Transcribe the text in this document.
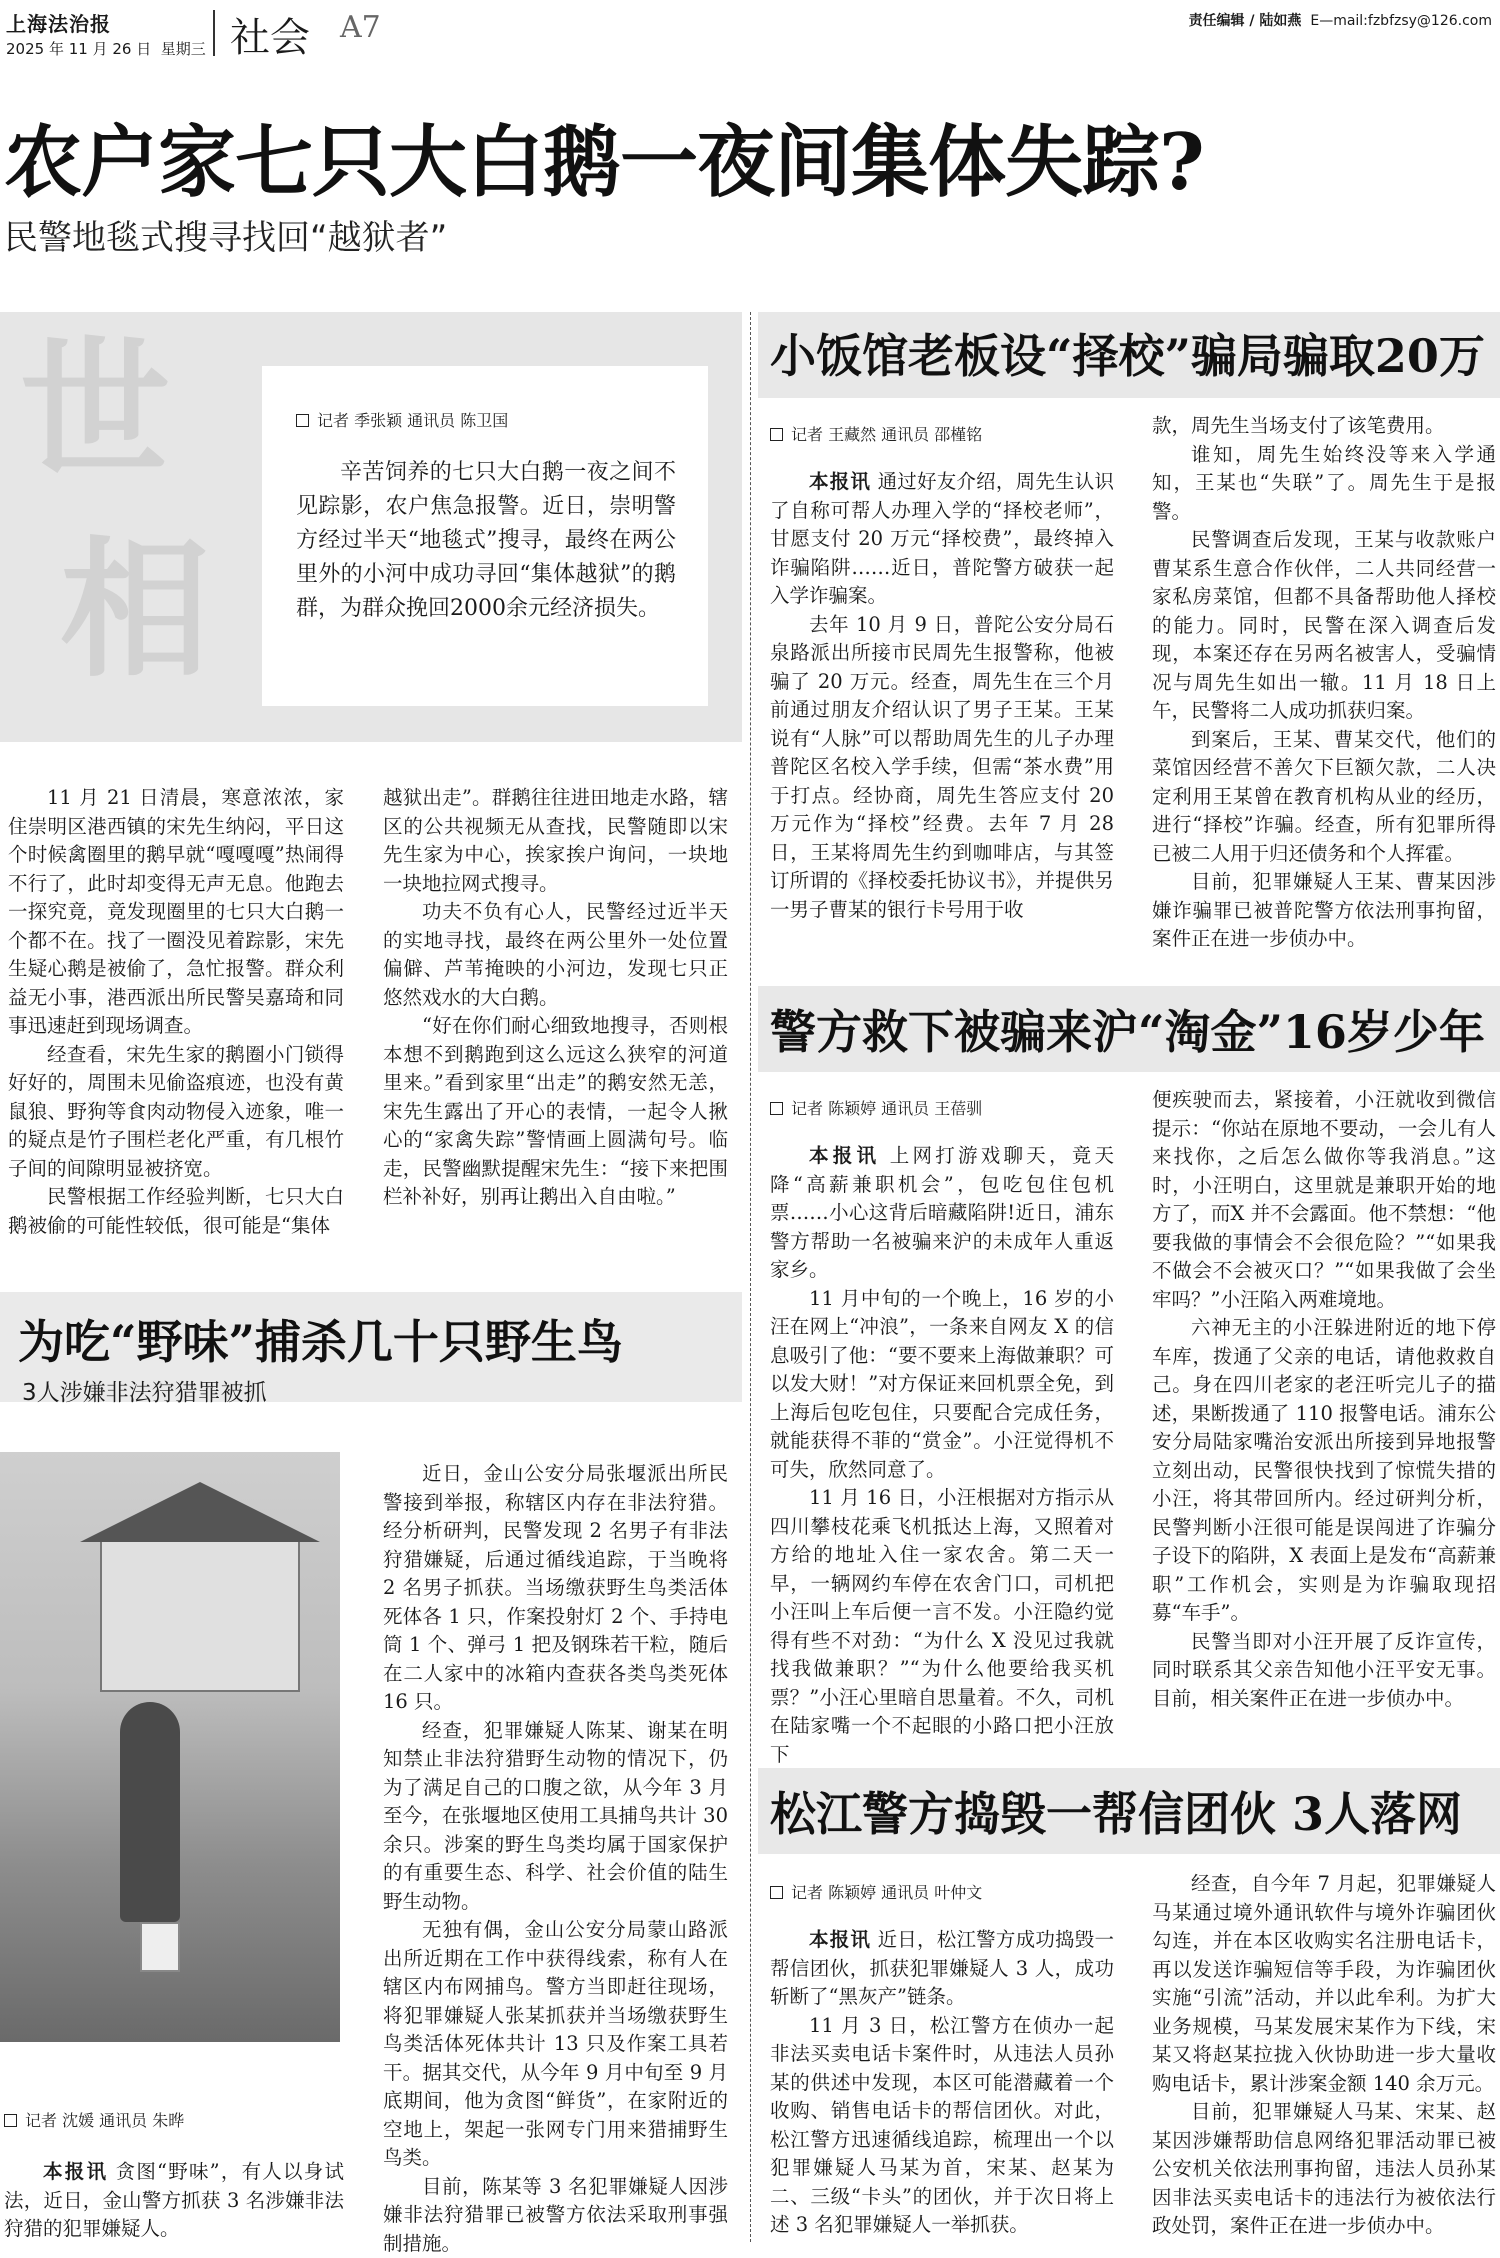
上海法治报
2025 年 11 月 26 日 星期三 社会 A7	责任编辑 / 陆如燕 E—mail:fzbfzsy@126.com
农户家七只大白鹅一夜间集体失踪?
民警地毯式搜寻找回“越狱者”
世
相
记者 季张颖 通讯员 陈卫国
辛苦饲养的七只大白鹅一夜之间不见踪影，农户焦急报警。近日，崇明警方经过半天“地毯式”搜寻，最终在两公里外的小河中成功寻回“集体越狱”的鹅群，为群众挽回2000余元经济损失。

11 月 21 日清晨，寒意浓浓，家住崇明区港西镇的宋先生纳闷，平日这个时候禽圈里的鹅早就“嘎嘎嘎”热闹得不行了，此时却变得无声无息。他跑去一探究竟，竟发现圈里的七只大白鹅一个都不在。找了一圈没见着踪影，宋先生疑心鹅是被偷了，急忙报警。群众利益无小事，港西派出所民警吴嘉琦和同事迅速赶到现场调查。

经查看，宋先生家的鹅圈小门锁得好好的，周围未见偷盗痕迹，也没有黄鼠狼、野狗等食肉动物侵入迹象，唯一的疑点是竹子围栏老化严重，有几根竹子间的间隙明显被挤宽。

民警根据工作经验判断，七只大白鹅被偷的可能性较低，很可能是“集体

越狱出走”。群鹅往往进田地走水路，辖区的公共视频无从查找，民警随即以宋先生家为中心，挨家挨户询问，一块地一块地拉网式搜寻。

功夫不负有心人，民警经过近半天的实地寻找，最终在两公里外一处位置偏僻、芦苇掩映的小河边，发现七只正悠然戏水的大白鹅。

“好在你们耐心细致地搜寻，否则根本想不到鹅跑到这么远这么狭窄的河道里来。”看到家里“出走”的鹅安然无恙，宋先生露出了开心的表情，一起令人揪心的“家禽失踪”警情画上圆满句号。临走，民警幽默提醒宋先生：“接下来把围栏补补好，别再让鹅出入自由啦。”

为吃“野味”捕杀几十只野生鸟
3人涉嫌非法狩猎罪被抓
记者 沈媛 通讯员 朱晔

本报讯 贪图“野味”，有人以身试法，近日，金山警方抓获 3 名涉嫌非法狩猎的犯罪嫌疑人。

近日，金山公安分局张堰派出所民警接到举报，称辖区内存在非法狩猎。经分析研判，民警发现 2 名男子有非法狩猎嫌疑，后通过循线追踪，于当晚将 2 名男子抓获。当场缴获野生鸟类活体死体各 1 只，作案投射灯 2 个、手持电筒 1 个、弹弓 1 把及钢珠若干粒，随后在二人家中的冰箱内查获各类鸟类死体 16 只。

经查，犯罪嫌疑人陈某、谢某在明知禁止非法狩猎野生动物的情况下，仍为了满足自己的口腹之欲，从今年 3 月至今，在张堰地区使用工具捕鸟共计 30 余只。涉案的野生鸟类均属于国家保护的有重要生态、科学、社会价值的陆生野生动物。

无独有偶，金山公安分局蒙山路派出所近期在工作中获得线索，称有人在辖区内布网捕鸟。警方当即赶往现场，将犯罪嫌疑人张某抓获并当场缴获野生鸟类活体死体共计 13 只及作案工具若干。据其交代，从今年 9 月中旬至 9 月底期间，他为贪图“鲜货”，在家附近的空地上，架起一张网专门用来猎捕野生鸟类。

目前，陈某等 3 名犯罪嫌疑人因涉嫌非法狩猎罪已被警方依法采取刑事强制措施。

小饭馆老板设“择校”骗局骗取20万
记者 王藏然 通讯员 邵槿铭

本报讯 通过好友介绍，周先生认识了自称可帮人办理入学的“择校老师”，甘愿支付 20 万元“择校费”，最终掉入诈骗陷阱……近日，普陀警方破获一起入学诈骗案。

去年 10 月 9 日，普陀公安分局石泉路派出所接市民周先生报警称，他被骗了 20 万元。经查，周先生在三个月前通过朋友介绍认识了男子王某。王某说有“人脉”可以帮助周先生的儿子办理普陀区名校入学手续，但需“茶水费”用于打点。经协商，周先生答应支付 20 万元作为“择校”经费。去年 7 月 28 日，王某将周先生约到咖啡店，与其签订所谓的《择校委托协议书》，并提供另一男子曹某的银行卡号用于收

款，周先生当场支付了该笔费用。

谁知，周先生始终没等来入学通知，王某也“失联”了。周先生于是报警。

民警调查后发现，王某与收款账户曹某系生意合作伙伴，二人共同经营一家私房菜馆，但都不具备帮助他人择校的能力。同时，民警在深入调查后发现，本案还存在另两名被害人，受骗情况与周先生如出一辙。11 月 18 日上午，民警将二人成功抓获归案。

到案后，王某、曹某交代，他们的菜馆因经营不善欠下巨额欠款，二人决定利用王某曾在教育机构从业的经历，进行“择校”诈骗。经查，所有犯罪所得已被二人用于归还债务和个人挥霍。

目前，犯罪嫌疑人王某、曹某因涉嫌诈骗罪已被普陀警方依法刑事拘留，案件正在进一步侦办中。

警方救下被骗来沪“淘金”16岁少年
记者 陈颖婷 通讯员 王蓓驯

本报讯 上网打游戏聊天，竟天降“高薪兼职机会”，包吃包住包机票……小心这背后暗藏陷阱!近日，浦东警方帮助一名被骗来沪的未成年人重返家乡。

11 月中旬的一个晚上，16 岁的小汪在网上“冲浪”，一条来自网友 X 的信息吸引了他：“要不要来上海做兼职？可以发大财！”对方保证来回机票全免，到上海后包吃包住，只要配合完成任务，就能获得不菲的“赏金”。小汪觉得机不可失，欣然同意了。

11 月 16 日，小汪根据对方指示从四川攀枝花乘飞机抵达上海，又照着对方给的地址入住一家农舍。第二天一早，一辆网约车停在农舍门口，司机把小汪叫上车后便一言不发。小汪隐约觉得有些不对劲：“为什么 X 没见过我就找我做兼职？”“为什么他要给我买机票？”小汪心里暗自思量着。不久，司机在陆家嘴一个不起眼的小路口把小汪放下

便疾驶而去，紧接着，小汪就收到微信提示：“你站在原地不要动，一会儿有人来找你，之后怎么做你等我消息。”这时，小汪明白，这里就是兼职开始的地方了，而X 并不会露面。他不禁想：“他要我做的事情会不会很危险？”“如果我不做会不会被灭口？”“如果我做了会坐牢吗？”小汪陷入两难境地。

六神无主的小汪躲进附近的地下停车库，拨通了父亲的电话，请他救救自己。身在四川老家的老汪听完儿子的描述，果断拨通了 110 报警电话。浦东公安分局陆家嘴治安派出所接到异地报警立刻出动，民警很快找到了惊慌失措的小汪，将其带回所内。经过研判分析，民警判断小汪很可能是误闯进了诈骗分子设下的陷阱，X 表面上是发布“高薪兼职”工作机会，实则是为诈骗取现招募“车手”。

民警当即对小汪开展了反诈宣传，同时联系其父亲告知他小汪平安无事。目前，相关案件正在进一步侦办中。

松江警方捣毁一帮信团伙 3人落网
记者 陈颖婷 通讯员 叶仲文

本报讯 近日，松江警方成功捣毁一帮信团伙，抓获犯罪嫌疑人 3 人，成功斩断了“黑灰产”链条。

11 月 3 日，松江警方在侦办一起非法买卖电话卡案件时，从违法人员孙某的供述中发现，本区可能潜藏着一个收购、销售电话卡的帮信团伙。对此，松江警方迅速循线追踪，梳理出一个以犯罪嫌疑人马某为首，宋某、赵某为二、三级“卡头”的团伙，并于次日将上述 3 名犯罪嫌疑人一举抓获。

经查，自今年 7 月起，犯罪嫌疑人马某通过境外通讯软件与境外诈骗团伙勾连，并在本区收购实名注册电话卡，再以发送诈骗短信等手段，为诈骗团伙实施“引流”活动，并以此牟利。为扩大业务规模，马某发展宋某作为下线，宋某又将赵某拉拢入伙协助进一步大量收购电话卡，累计涉案金额 140 余万元。

目前，犯罪嫌疑人马某、宋某、赵某因涉嫌帮助信息网络犯罪活动罪已被公安机关依法刑事拘留，违法人员孙某因非法买卖电话卡的违法行为被依法行政处罚，案件正在进一步侦办中。
